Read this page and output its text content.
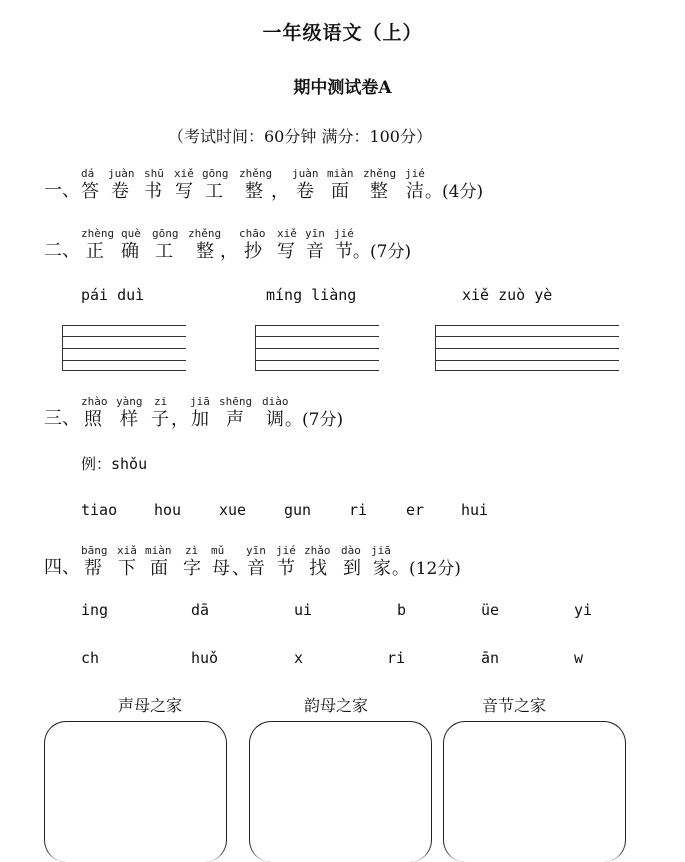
一年级语文（上）
期中测试卷A
（考试时间：60分钟 满分：100分）
一、
dá juàn shū xiě gōng zhěng juàn miàn zhěng jié
答 卷 书 写 工 整 ， 卷 面 整 洁 。(4分)
二、
zhèng què gōng zhěng chāo xiě yīn jié
正 确 工 整 ， 抄 写 音 节 。(7分)
pái duì	míng liàng	xiě zuò yè
三、
zhào yàng zi jiā shēng diào
照 样 子 ， 加 声 调 。(7分)
例：shǒu
tiao hou	xue	gun	ri	er hui
四、
bāng xiǎ miàn zì mǔ yīn jié zhǎo dào jiā
帮 下 面 字 母 、
音 节 找 到 家 。(12分)
ing	dā	ui	b	üe	yi
ch	huǒ	x	ri	ān	w
声母之家	韵母之家	音节之家
